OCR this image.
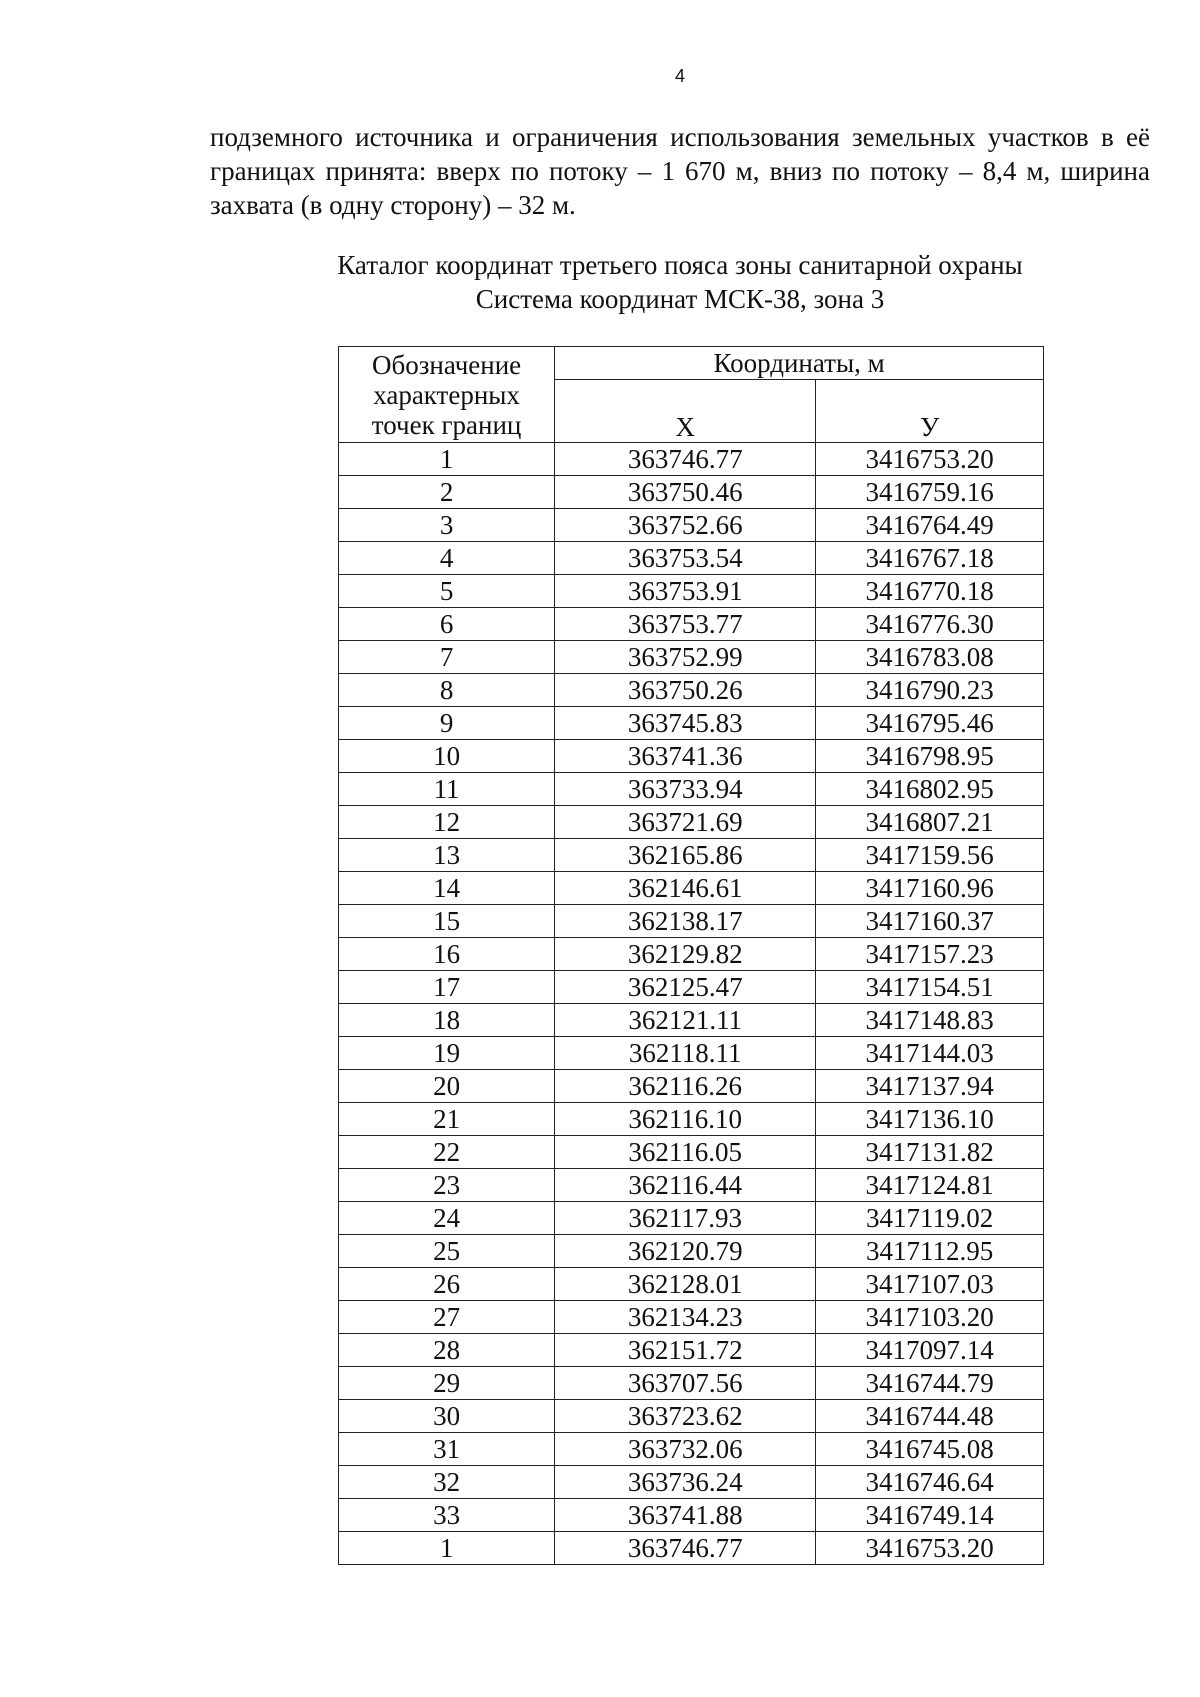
4

подземного источника и ограничения использования земельных участков в её границах принята: вверх по потоку – 1 670 м, вниз по потоку – 8,4 м, ширина захвата (в одну сторону) – 32 м.

Каталог координат третьего пояса зоны санитарной охраны
Система координат МСК-38, зона 3
Обозначение характерных точек границ	Координаты, м	
	Х	У
1	363746.77	3416753.20
2	363750.46	3416759.16
3	363752.66	3416764.49
4	363753.54	3416767.18
5	363753.91	3416770.18
6	363753.77	3416776.30
7	363752.99	3416783.08
8	363750.26	3416790.23
9	363745.83	3416795.46
10	363741.36	3416798.95
11	363733.94	3416802.95
12	363721.69	3416807.21
13	362165.86	3417159.56
14	362146.61	3417160.96
15	362138.17	3417160.37
16	362129.82	3417157.23
17	362125.47	3417154.51
18	362121.11	3417148.83
19	362118.11	3417144.03
20	362116.26	3417137.94
21	362116.10	3417136.10
22	362116.05	3417131.82
23	362116.44	3417124.81
24	362117.93	3417119.02
25	362120.79	3417112.95
26	362128.01	3417107.03
27	362134.23	3417103.20
28	362151.72	3417097.14
29	363707.56	3416744.79
30	363723.62	3416744.48
31	363732.06	3416745.08
32	363736.24	3416746.64
33	363741.88	3416749.14
1	363746.77	3416753.20
